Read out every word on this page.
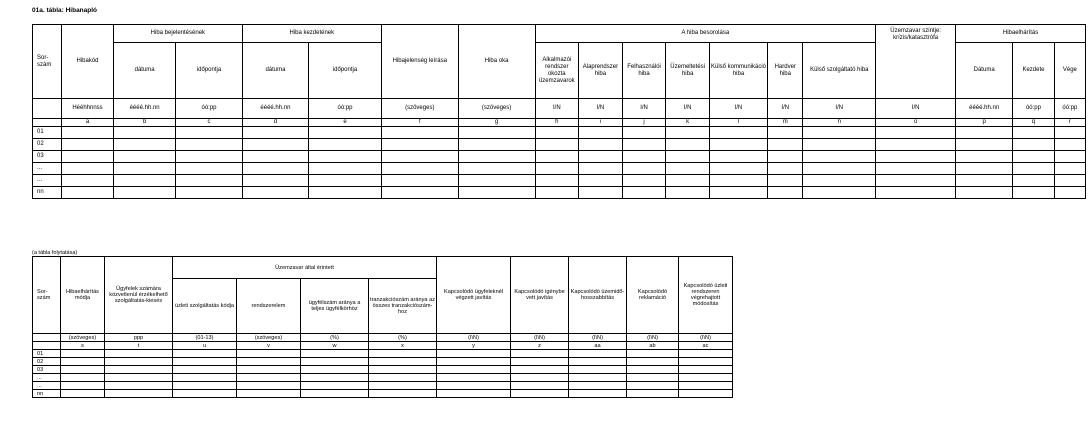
01a. tábla: Hibanapló
Sor-
szám	Hibakód	Hiba bejelentésének		Hiba kezdetének		Hibajelenség leírása	Hiba oka	A hiba besorolása							Üzemzavar szintje: krízis/katasztrófa	Hibaelhárítás		
		dátuma	időpontja	dátuma	időpontja			Alkalmazói rendszer okozta üzemzavarok	Alaprendszer hiba	Felhasználói hiba	Üzemeltetési hiba	Külső kommunikáció hiba	Hardver hiba	Külső szolgáltató hiba		Dátuma	Kezdete	Vége
	Hééhhnnss	éééé.hh.nn	óó:pp	éééé.hh.nn	óó:pp	(szöveges)	(szöveges)	I/N	I/N	I/N	I/N	I/N	I/N	I/N	I/N	éééé.hh.nn	óó:pp	óó:pp
	a	b	c	d	e	f	g	h	i	j	k	l	m	n	o	p	q	r
01																		
02																		
03																		
...																		
...																		
nn																		
(a tábla folytatása)
Sor-
szám	Hibaelhárítás módja	Ügyfelek számára közvetlenül érzékelhető szolgáltatás-kiesés	Üzemzavar által érintett				Kapcsolódó ügyfeleknél végzett javítás	Kapcsolódó igénybe vett javítás	Kapcsolódó üzemidő-hosszabbítás	Kapcsolódó reklamáció	Kapcsolódó üzleti rendszeren végrehajtott módosítás
			üzleti szolgáltatás kódja	rendszerelem	ügyfélszám aránya a teljes ügyfélkörhöz	tranzakciószám aránya az összes tranzakciószám-hoz					
	(szöveges)	ppp	(01-13)	(szöveges)	(%)	(%)	(I\N)	(I\N)	(I\N)	(I\N)	(I\N)
	s	t	u	v	w	x	y	z	aa	ab	ac
01											
02											
03											
...											
...											
nn											
